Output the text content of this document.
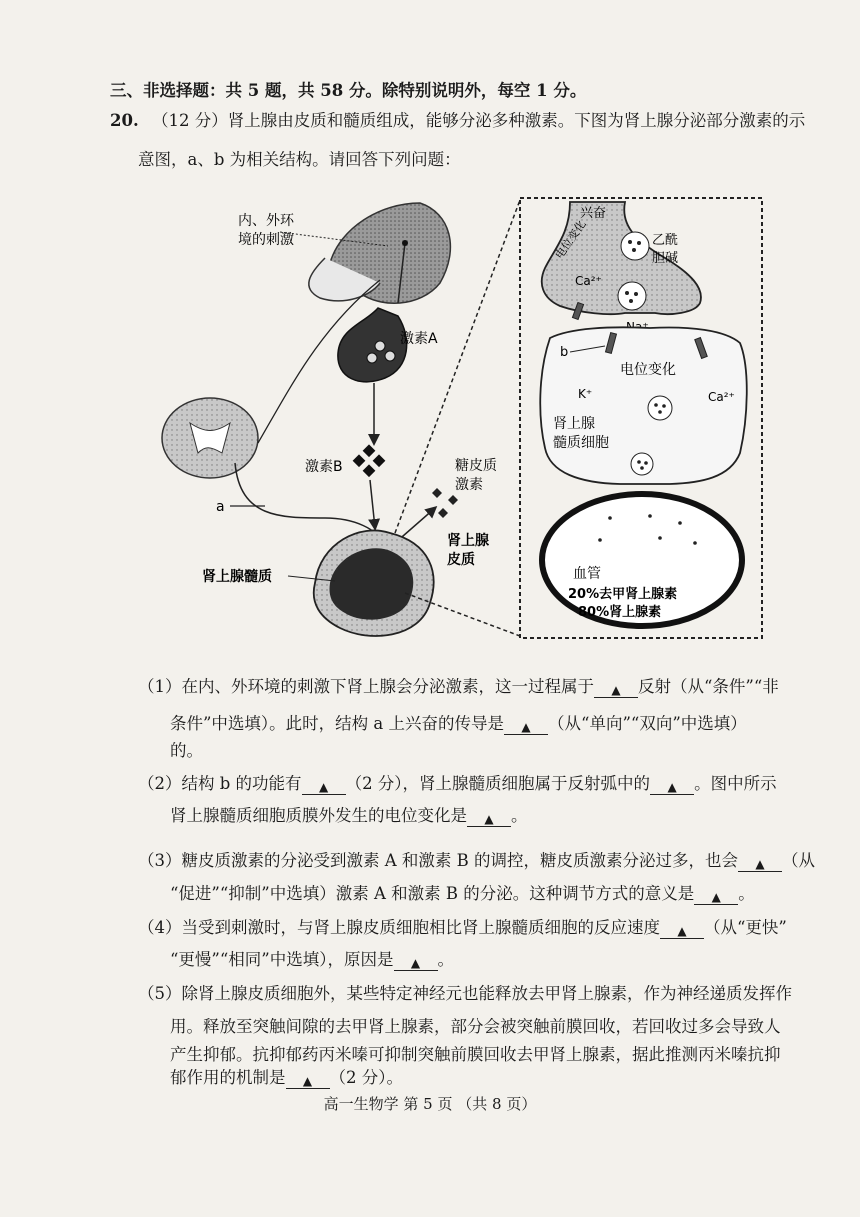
三、非选择题：共 5 题，共 58 分。除特别说明外，每空 1 分。
20. （12 分）肾上腺由皮质和髓质组成，能够分泌多种激素。下图为肾上腺分泌部分激素的示
意图，a、b 为相关结构。请回答下列问题：
内、外环
境的刺激
激素A
激素B
a
糖皮质
激素
肾上腺髓质
肾上腺
皮质
兴奋
电位变化	乙酰
胆碱
Ca²⁺
b
电位变化
K⁺	Ca²⁺
肾上腺
髓质细胞
血管
20%去甲肾上腺素
80%肾上腺素
（1）在内、外环境的刺激下肾上腺会分泌激素，这一过程属于 ▲ 反射（从“条件”“非
条件”中选填）。此时，结构 a 上兴奋的传导是 ▲ （从“单向”“双向”中选填）
的。
（2）结构 b 的功能有 ▲ （2 分），肾上腺髓质细胞属于反射弧中的 ▲ 。图中所示
肾上腺髓质细胞质膜外发生的电位变化是 ▲ 。
（3）糖皮质激素的分泌受到激素 A 和激素 B 的调控，糖皮质激素分泌过多，也会 ▲ （从
“促进”“抑制”中选填）激素 A 和激素 B 的分泌。这种调节方式的意义是 ▲ 。
（4）当受到刺激时，与肾上腺皮质细胞相比肾上腺髓质细胞的反应速度 ▲ （从“更快”
“更慢”“相同”中选填），原因是 ▲ 。
（5）除肾上腺皮质细胞外，某些特定神经元也能释放去甲肾上腺素，作为神经递质发挥作
用。释放至突触间隙的去甲肾上腺素，部分会被突触前膜回收，若回收过多会导致人
产生抑郁。抗抑郁药丙米嗪可抑制突触前膜回收去甲肾上腺素，据此推测丙米嗪抗抑
郁作用的机制是 ▲ （2 分）。
高一生物学 第 5 页 （共 8 页）
